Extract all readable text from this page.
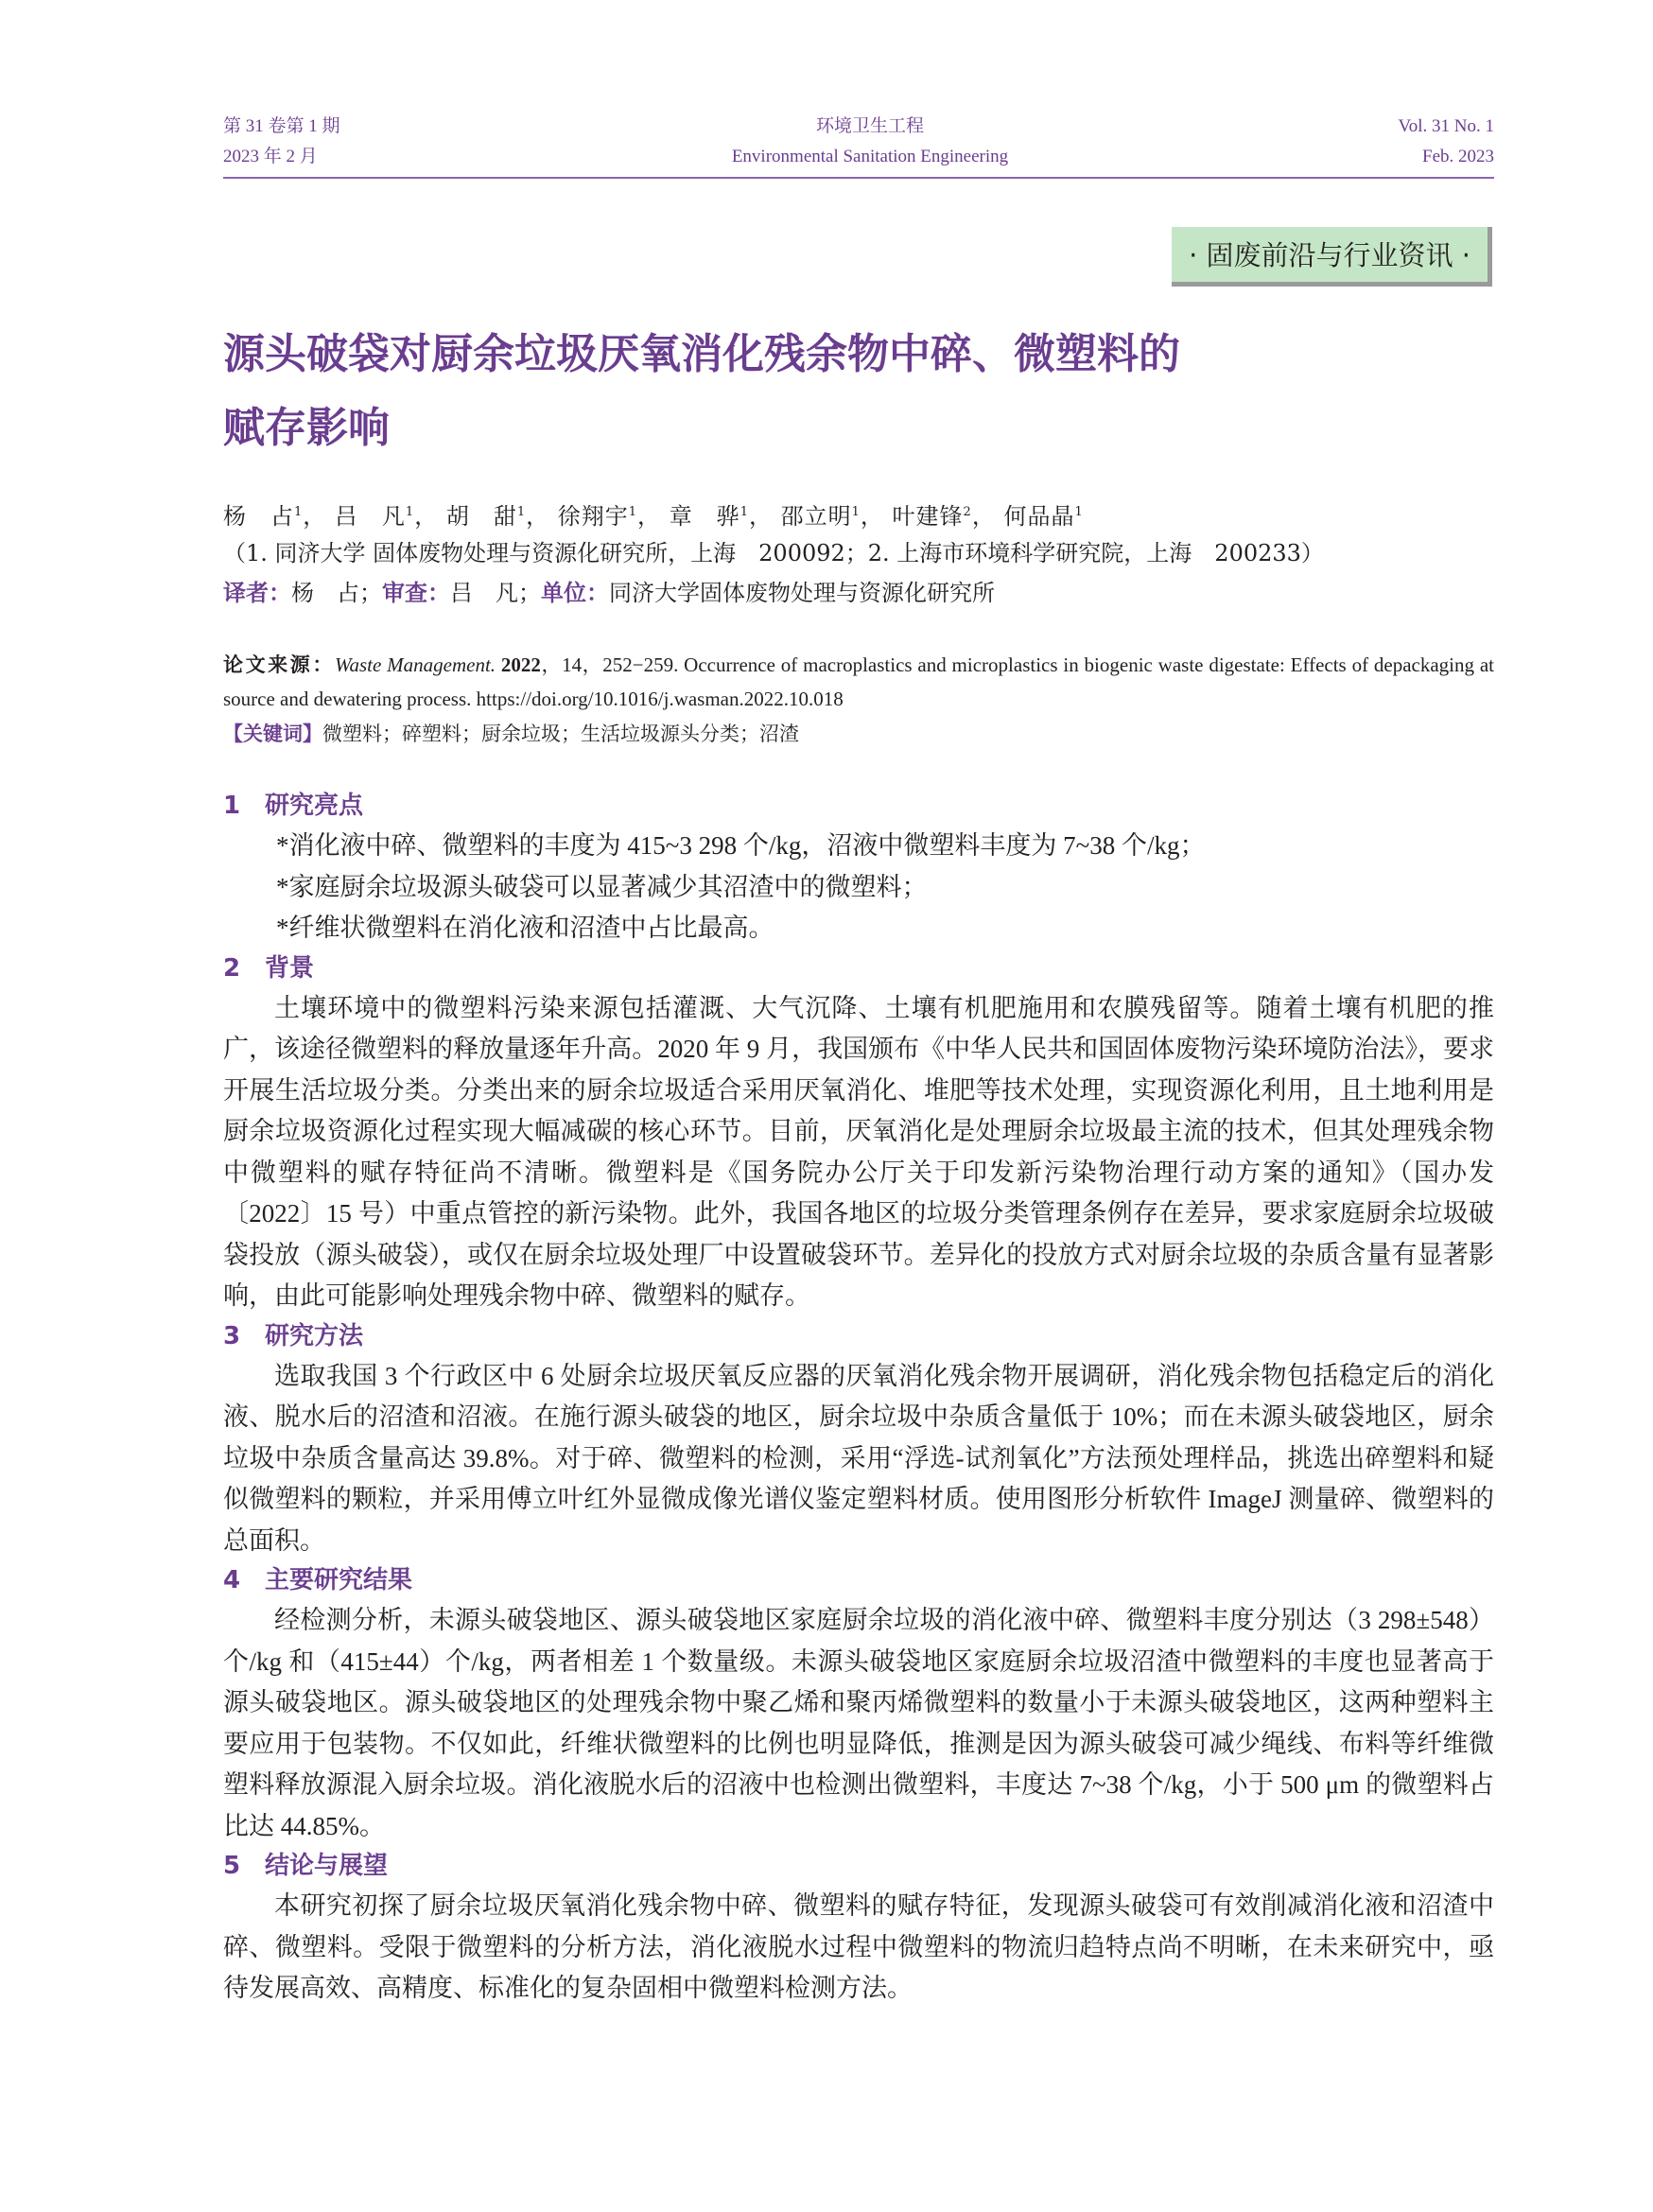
第 31 卷第 1 期
2023 年 2 月
环境卫生工程
Environmental Sanitation Engineering
Vol. 31 No. 1
Feb. 2023
· 固废前沿与行业资讯 ·
源头破袋对厨余垃圾厌氧消化残余物中碎、微塑料的
赋存影响
杨　占$^1$， 吕　凡$^1$， 胡　甜$^1$， 徐翔宇$^1$， 章　骅$^1$， 邵立明$^1$， 叶建锋$^2$， 何品晶$^1$
（1. 同济大学 固体废物处理与资源化研究所，上海　200092；2. 上海市环境科学研究院，上海　200233）
译者：杨　占；审查：吕　凡；单位：同济大学固体废物处理与资源化研究所
论文来源：Waste Management. 2022，14，252−259. Occurrence of macroplastics and microplastics in biogenic waste digestate: Effects of depackaging at source and dewatering process. https://doi.org/10.1016/j.wasman.2022.10.018
【关键词】微塑料；碎塑料；厨余垃圾；生活垃圾源头分类；沼渣
1 研究亮点

*消化液中碎、微塑料的丰度为 415~3 298 个/kg，沼液中微塑料丰度为 7~38 个/kg；

*家庭厨余垃圾源头破袋可以显著减少其沼渣中的微塑料；

*纤维状微塑料在消化液和沼渣中占比最高。

2 背景

土壤环境中的微塑料污染来源包括灌溉、大气沉降、土壤有机肥施用和农膜残留等。随着土壤有机肥的推广，该途径微塑料的释放量逐年升高。2020 年 9 月，我国颁布《中华人民共和国固体废物污染环境防治法》，要求开展生活垃圾分类。分类出来的厨余垃圾适合采用厌氧消化、堆肥等技术处理，实现资源化利用，且土地利用是厨余垃圾资源化过程实现大幅减碳的核心环节。目前，厌氧消化是处理厨余垃圾最主流的技术，但其处理残余物中微塑料的赋存特征尚不清晰。微塑料是《国务院办公厅关于印发新污染物治理行动方案的通知》（国办发〔2022〕15 号）中重点管控的新污染物。此外，我国各地区的垃圾分类管理条例存在差异，要求家庭厨余垃圾破袋投放（源头破袋），或仅在厨余垃圾处理厂中设置破袋环节。差异化的投放方式对厨余垃圾的杂质含量有显著影响，由此可能影响处理残余物中碎、微塑料的赋存。

3 研究方法

选取我国 3 个行政区中 6 处厨余垃圾厌氧反应器的厌氧消化残余物开展调研，消化残余物包括稳定后的消化液、脱水后的沼渣和沼液。在施行源头破袋的地区，厨余垃圾中杂质含量低于 10%；而在未源头破袋地区，厨余垃圾中杂质含量高达 39.8%。对于碎、微塑料的检测，采用“浮选-试剂氧化”方法预处理样品，挑选出碎塑料和疑似微塑料的颗粒，并采用傅立叶红外显微成像光谱仪鉴定塑料材质。使用图形分析软件 ImageJ 测量碎、微塑料的总面积。

4 主要研究结果

经检测分析，未源头破袋地区、源头破袋地区家庭厨余垃圾的消化液中碎、微塑料丰度分别达（3 298±548）个/kg 和（415±44）个/kg，两者相差 1 个数量级。未源头破袋地区家庭厨余垃圾沼渣中微塑料的丰度也显著高于源头破袋地区。源头破袋地区的处理残余物中聚乙烯和聚丙烯微塑料的数量小于未源头破袋地区，这两种塑料主要应用于包装物。不仅如此，纤维状微塑料的比例也明显降低，推测是因为源头破袋可减少绳线、布料等纤维微塑料释放源混入厨余垃圾。消化液脱水后的沼液中也检测出微塑料，丰度达 7~38 个/kg，小于 500 μm 的微塑料占比达 44.85%。

5 结论与展望

本研究初探了厨余垃圾厌氧消化残余物中碎、微塑料的赋存特征，发现源头破袋可有效削减消化液和沼渣中碎、微塑料。受限于微塑料的分析方法，消化液脱水过程中微塑料的物流归趋特点尚不明晰，在未来研究中，亟待发展高效、高精度、标准化的复杂固相中微塑料检测方法。
